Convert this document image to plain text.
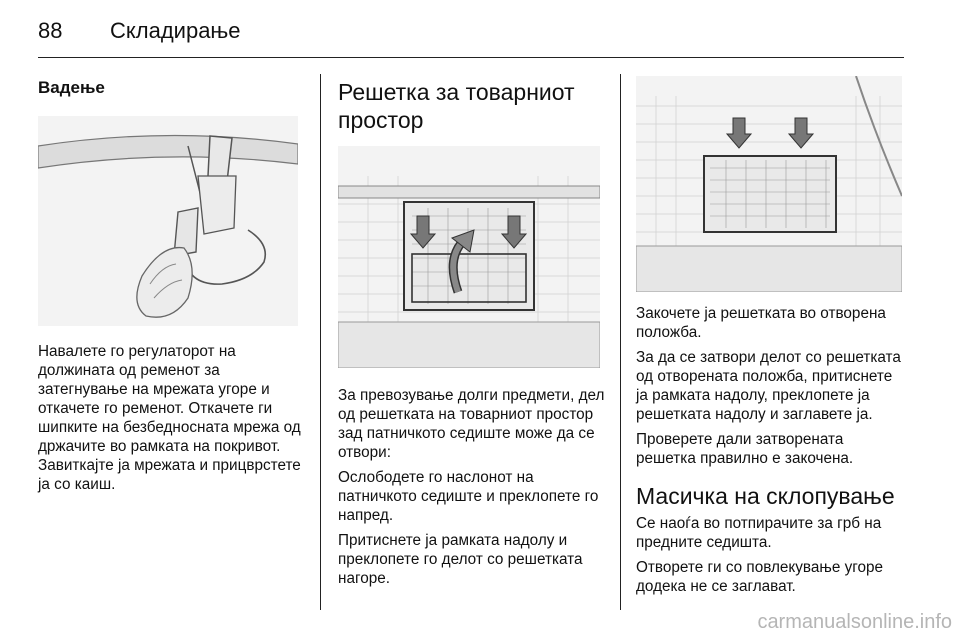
88 Складирање
Вадење

Навалете го регулаторот на должината од ременот за затегнување на мрежата угоре и откачете го ременот. Откачете ги шипките на безбедносната мрежа од држачите во рамката на покривот. Завиткајте ја мрежата и прицврстете ја со каиш.

Решетка за товарниот простор

За превозување долги предмети, дел од решетката на товарниот простор зад патничкото седиште може да се отвори:

Ослободете го наслонот на патничкото седиште и преклопете го напред.

Притиснете ја рамката надолу и преклопете го делот со решетката нагоре.

Закочете ја решетката во отворена положба.

За да се затвори делот со решетката од отворената положба, притиснете ја рамката надолу, преклопете ја решетката надолу и заглавете ја.

Проверете дали затворената решетка правилно е закочена.

Масичка на склопување

Се наоѓа во потпирачите за грб на предните седишта.

Отворете ги со повлекување угоре додека не се заглават.

carmanualsonline.info
